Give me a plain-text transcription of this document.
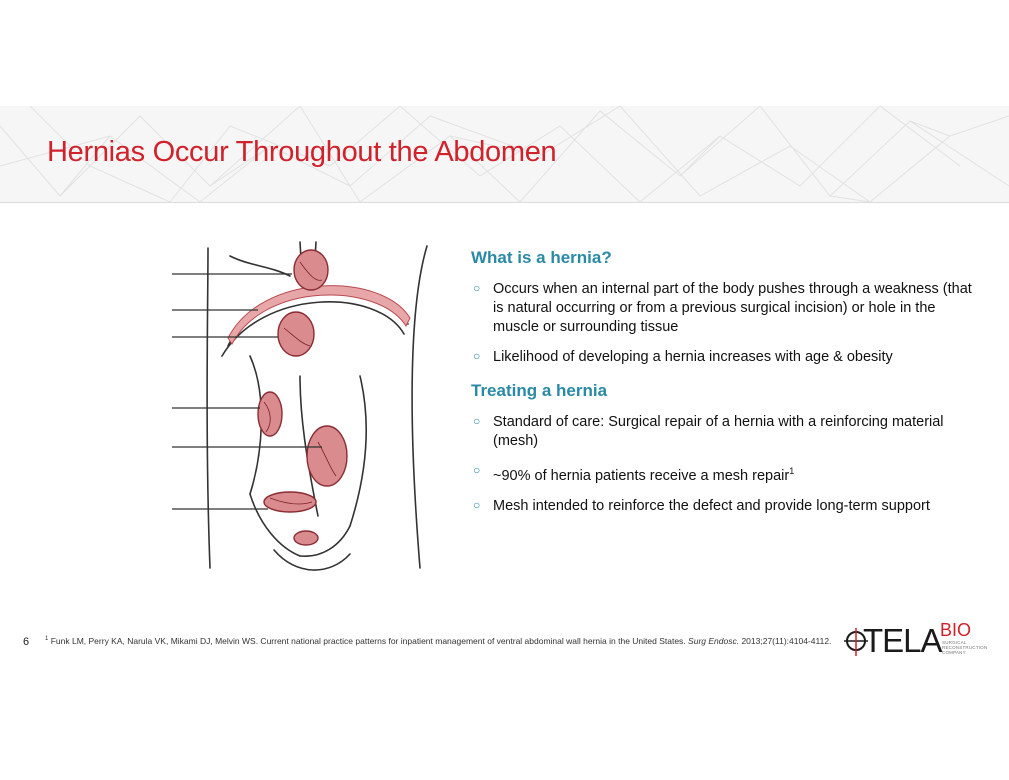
Hernias Occur Throughout the Abdomen
What is a hernia?
○ Occurs when an internal part of the body pushes through a weakness (that is natural occurring or from a previous surgical incision) or hole in the muscle or surrounding tissue
○ Likelihood of developing a hernia increases with age & obesity
Treating a hernia
○ Standard of care: Surgical repair of a hernia with a reinforcing material (mesh)
○ ~90% of hernia patients receive a mesh repair$^1$
○ Mesh intended to reinforce the defect and provide long-term support
6	$^1$ Funk LM, Perry KA, Narula VK, Mikami DJ, Melvin WS. Current national practice patterns for inpatient management of ventral abdominal wall hernia in the United States. Surg Endosc. 2013;27(11):4104-4112. TELA
BIO
SURGICAL RECONSTRUCTION COMPANY
